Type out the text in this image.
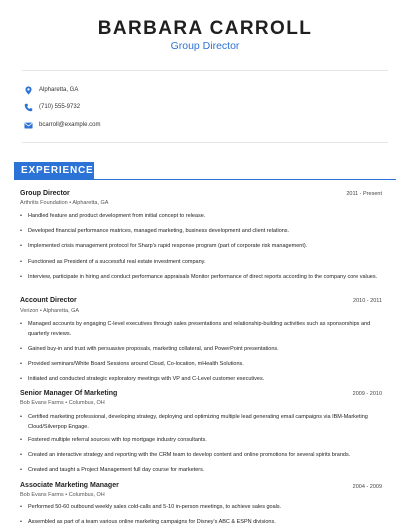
BARBARA CARROLL
Group Director
Alpharetta, GA
(710) 555-9732
bcarroll@example.com
EXPERIENCE
Group Director	2011 - Present
Arthritis Foundation • Alpharetta, GA
• Handled feature and product development from initial concept to release.
• Developed financial performance matrices, managed marketing, business development and client relations.
• Implemented crisis management protocol for Sharp's rapid response program (part of corporate risk management).
• Functioned as President of a successful real estate investment company.
• Interview, participate in hiring and conduct performance appraisals Monitor performance of direct reports according to the company core values.
Account Director	2010 - 2011
Verizon • Alpharetta, GA
• Managed accounts by engaging C-level executives through sales presentations and relationship-building activities such as sponsorships and quarterly reviews.
• Gained buy-in and trust with persuasive proposals, marketing collateral, and PowerPoint presentations.
• Provided seminars/White Board Sessions around Cloud, Co-location, mHealth Solutions.
• Initiated and conducted strategic exploratory meetings with VP and C-Level customer executives.
Senior Manager Of Marketing	2009 - 2010
Bob Evans Farms • Columbus, OH
• Certified marketing professional, developing strategy, deploying and optimizing multiple lead generating email campaigns via IBM-Marketing Cloud/Silverpop Engage.
• Fostered multiple referral sources with top mortgage industry consultants.
• Created an interactive strategy and reporting with the CRM team to develop content and online promotions for several spirits brands.
• Created and taught a Project Management full day course for marketers.
Associate Marketing Manager	2004 - 2009
Bob Evans Farms • Columbus, OH
• Performed 50-60 outbound weekly sales cold-calls and 5-10 in-person meetings, to achieve sales goals.
• Assembled as part of a team various online marketing campaigns for Disney's ABC & ESPN divisions.
